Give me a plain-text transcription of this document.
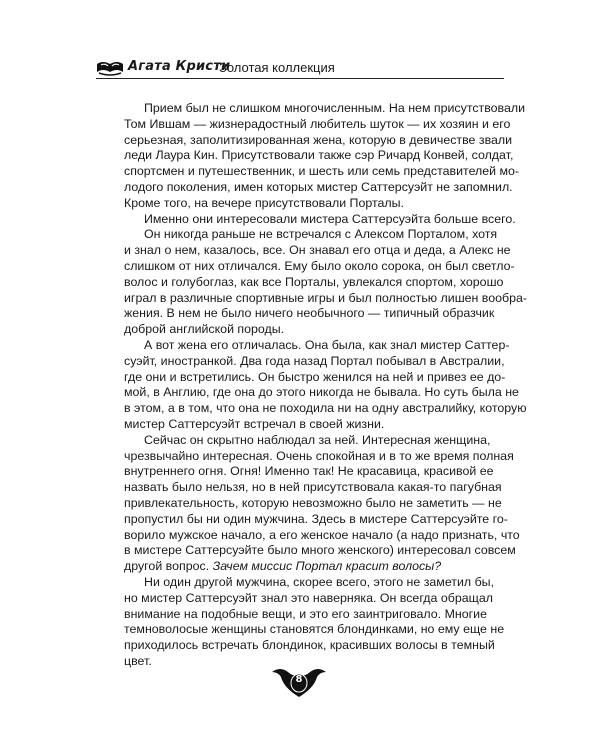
Агата Кристи
Золотая коллекция
Прием был не слишком многочисленным. На нем присутствовали
Том Ившам — жизнерадостный любитель шуток — их хозяин и его
серьезная, заполитизированная жена, которую в девичестве звали
леди Лаура Кин. Присутствовали также сэр Ричард Конвей, солдат,
спортсмен и путешественник, и шесть или семь представителей мо-
лодого поколения, имен которых мистер Саттерсуэйт не запомнил.
Кроме того, на вечере присутствовали Порталы.
Именно они интересовали мистера Саттерсуэйта больше всего.
Он никогда раньше не встречался с Алексом Порталом, хотя
и знал о нем, казалось, все. Он знавал его отца и деда, а Алекс не
слишком от них отличался. Ему было около сорока, он был светло-
волос и голубоглаз, как все Порталы, увлекался спортом, хорошо
играл в различные спортивные игры и был полностью лишен вообра-
жения. В нем не было ничего необычного — типичный образчик
доброй английской породы.
А вот жена его отличалась. Она была, как знал мистер Саттер-
суэйт, иностранкой. Два года назад Портал побывал в Австралии,
где они и встретились. Он быстро женился на ней и привез ее до-
мой, в Англию, где она до этого никогда не бывала. Но суть была не
в этом, а в том, что она не походила ни на одну австралийку, которую
мистер Саттерсуэйт встречал в своей жизни.
Сейчас он скрытно наблюдал за ней. Интересная женщина,
чрезвычайно интересная. Очень спокойная и в то же время полная
внутреннего огня. Огня! Именно так! Не красавица, красивой ее
назвать было нельзя, но в ней присутствовала какая-то пагубная
привлекательность, которую невозможно было не заметить — не
пропустил бы ни один мужчина. Здесь в мистере Саттерсуэйте го-
ворило мужское начало, а его женское начало (а надо признать, что
в мистере Саттерсуэйте было много женского) интересовал совсем
другой вопрос. Зачем миссис Портал красит волосы?
Ни один другой мужчина, скорее всего, этого не заметил бы,
но мистер Саттерсуэйт знал это наверняка. Он всегда обращал
внимание на подобные вещи, и это его заинтриговало. Многие
темноволосые женщины становятся блондинками, но ему еще не
приходилось встречать блондинок, красивших волосы в темный
цвет.
8
